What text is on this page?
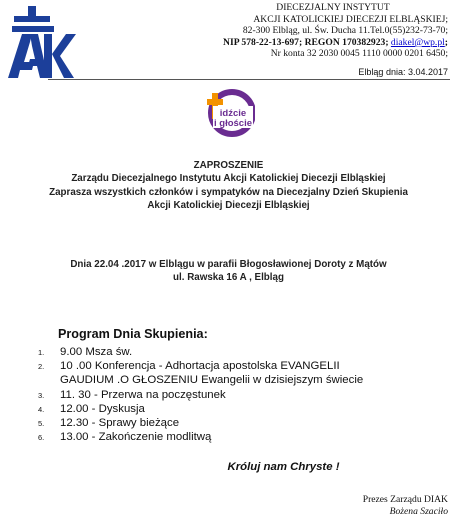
DIECEZJALNY INSTYTUT
AKCJI KATOLICKIEJ DIECEZJI ELBLĄSKIEJ;
82-300 Elbląg, ul. Św. Ducha 11.Tel.0(55)232-73-70;
NIP 578-22-13-697; REGON 170382923; diakel@wp.pl;
Nr konta 32 2030 0045 1110 0000 0201 6450;
Elbląg dnia: 3.04.2017
idźcie
i głoście
ZAPROSZENIE
Zarządu Diecezjalnego Instytutu Akcji Katolickiej Diecezji Elbląskiej
Zaprasza wszystkich członków i sympatyków na Diecezjalny Dzień Skupienia
Akcji Katolickiej Diecezji Elbląskiej
Dnia 22.04 .2017 w Elblągu w parafii Błogosławionej Doroty z Mątów
ul. Rawska 16 A , Elbląg
Program Dnia Skupienia:
1. 9.00 Msza św.
2. 10 .00 Konferencja - Adhortacja apostolska EVANGELII
GAUDIUM .O GŁOSZENIU Ewangelii w dzisiejszym świecie
3. 11. 30 - Przerwa na poczęstunek
4. 12.00 - Dyskusja
5. 12.30 - Sprawy bieżące
6. 13.00 - Zakończenie modlitwą
Króluj nam Chryste !
Prezes Zarządu DIAK
Bożena Szaciło
